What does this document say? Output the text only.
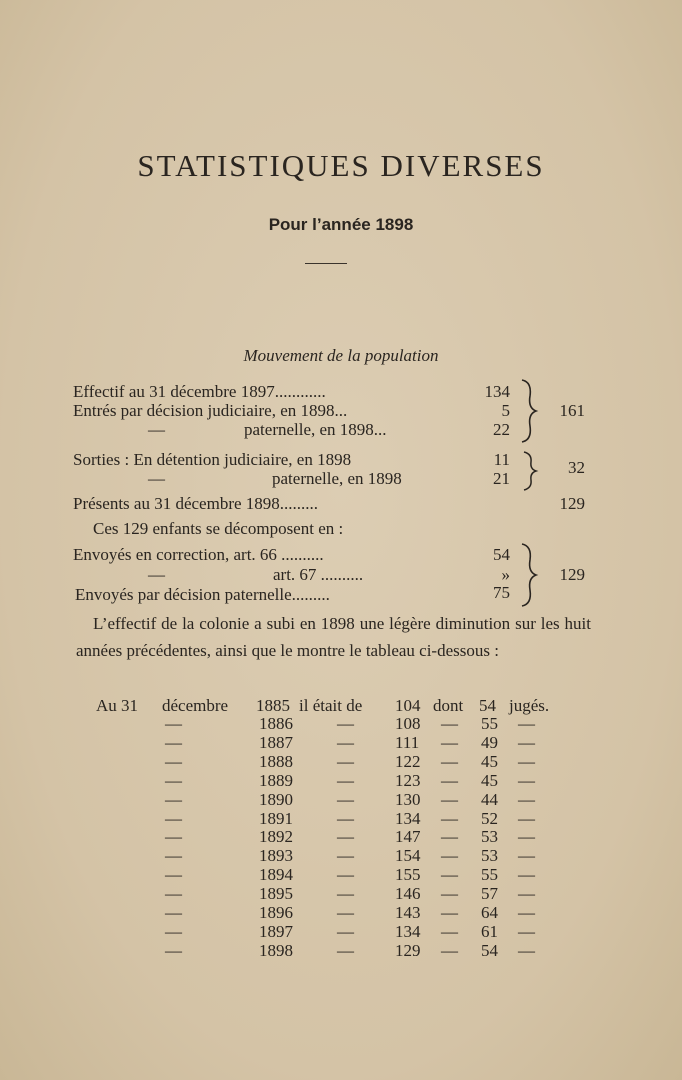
STATISTIQUES DIVERSES
Pour l’année 1898
Mouvement de la population
Effectif au 31 décembre 1897............	134
Entrés par décision judiciaire, en 1898...	5
—	paternelle, en 1898...	22
161
Sorties : En détention judiciaire, en 1898	11
—	paternelle, en 1898	21
32
Présents au 31 décembre 1898.........	129
Ces 129 enfants se décomposent en :
Envoyés en correction, art. 66 ..........	54
—	art. 67 ..........	»
Envoyés par décision paternelle.........	75
129
L’effectif de la colonie a subi en 1898 une légère diminution sur les huit années précédentes, ainsi que le montre le tableau ci-dessous :
Au 31 décembre 1885 il était de 104 dont 54 jugés.
—	1886	— 108 — 55 —
—	1887	— 111 — 49 —
—	1888	— 122 — 45 —
—	1889	— 123 — 45 —
—	1890	— 130 — 44 —
—	1891	— 134 — 52 —
—	1892	— 147 — 53 —
—	1893	— 154 — 53 —
—	1894	— 155 — 55 —
—	1895	— 146 — 57 —
—	1896	— 143 — 64 —
—	1897	— 134 — 61 —
—	1898	— 129 — 54 —
